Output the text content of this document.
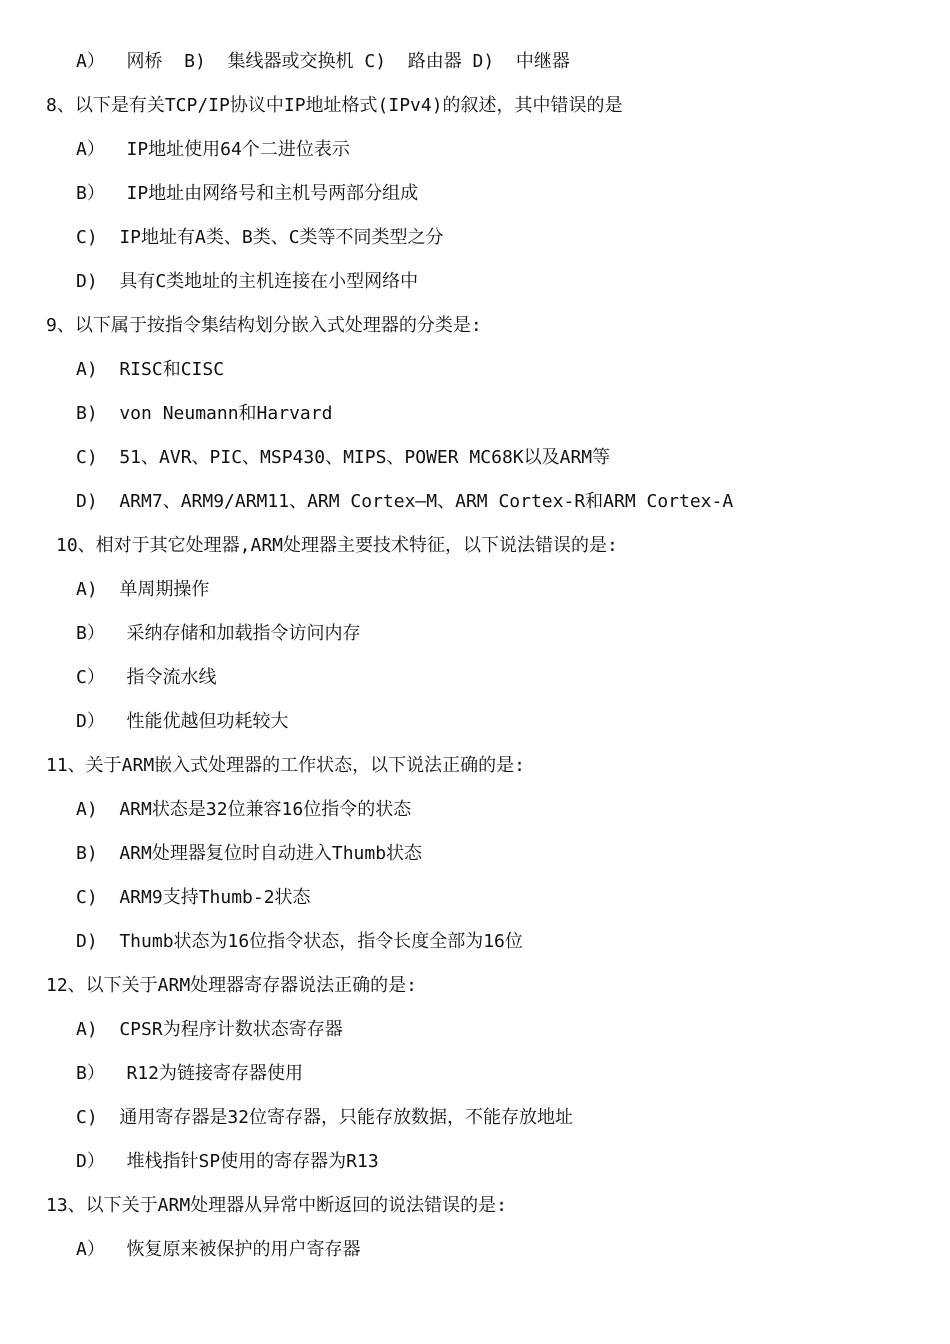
A）  网桥  B)  集线器或交换机 C)  路由器 D)  中继器
8、以下是有关TCP/IP协议中IP地址格式(IPv4)的叙述，其中错误的是
A）  IP地址使用64个二进位表示
B）  IP地址由网络号和主机号两部分组成
C)  IP地址有A类、B类、C类等不同类型之分
D)  具有C类地址的主机连接在小型网络中
9、以下属于按指令集结构划分嵌入式处理器的分类是:
A)  RISC和CISC
B)  von Neumann和Harvard
C)  51、AVR、PIC、MSP430、MIPS、POWER MC68K以及ARM等
D)  ARM7、ARM9/ARM11、ARM Cortex—M、ARM Cortex-R和ARM Cortex-A
10、相对于其它处理器,ARM处理器主要技术特征，以下说法错误的是:
A)  单周期操作
B）  采纳存储和加载指令访问内存
C）  指令流水线
D）  性能优越但功耗较大
11、关于ARM嵌入式处理器的工作状态，以下说法正确的是:
A)  ARM状态是32位兼容16位指令的状态
B)  ARM处理器复位时自动进入Thumb状态
C)  ARM9支持Thumb-2状态
D)  Thumb状态为16位指令状态，指令长度全部为16位
12、以下关于ARM处理器寄存器说法正确的是:
A)  CPSR为程序计数状态寄存器
B）  R12为链接寄存器使用
C)  通用寄存器是32位寄存器，只能存放数据，不能存放地址
D）  堆栈指针SP使用的寄存器为R13
13、以下关于ARM处理器从异常中断返回的说法错误的是:
A）  恢复原来被保护的用户寄存器
